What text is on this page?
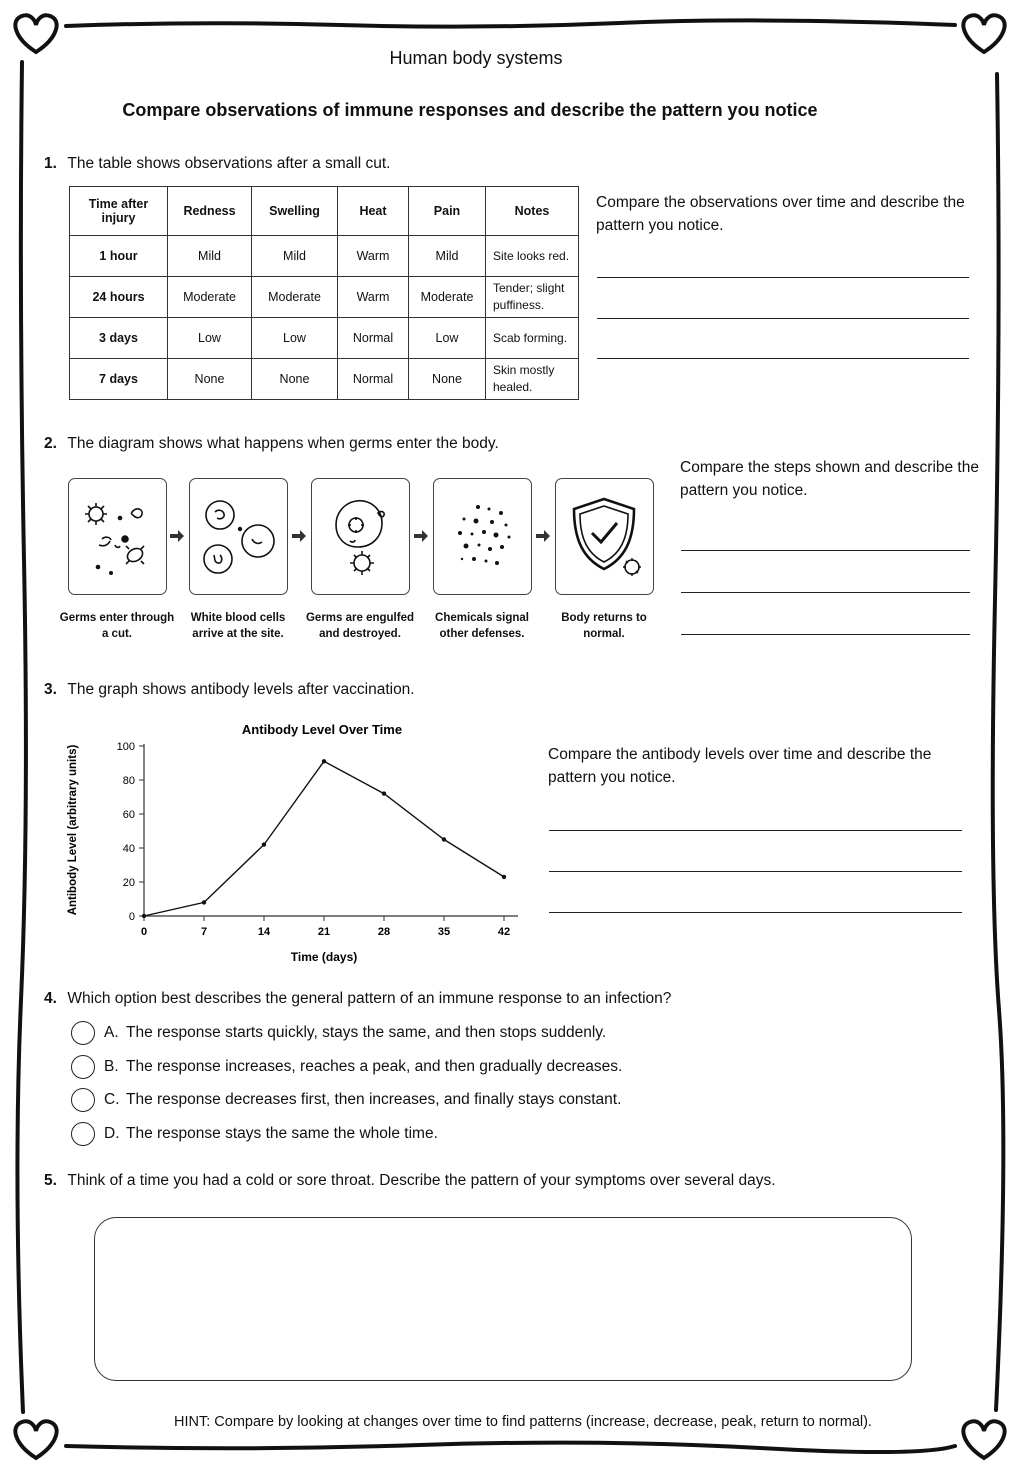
Human body systems
Compare observations of immune responses and describe the pattern you notice
1. The table shows observations after a small cut.
Time after injury	Redness	Swelling	Heat	Pain	Notes
1 hour	Mild	Mild	Warm	Mild	Site looks red.
24 hours	Moderate	Moderate	Warm	Moderate	Tender; slight puffiness.
3 days	Low	Low	Normal	Low	Scab forming.
7 days	None	None	Normal	None	Skin mostly healed.
Compare the observations over time and describe the pattern you notice.
2. The diagram shows what happens when germs enter the body.
Germs enter through a cut.
White blood cells arrive at the site.
Germs are engulfed and destroyed.
Chemicals signal other defenses.
Body returns to normal.
Compare the steps shown and describe the pattern you notice.
3. The graph shows antibody levels after vaccination.
Antibody Level Over Time
Antibody Level (arbitrary units)
Time (days)
0
20
40
60
80
100
0	7	14	21	28	35	42
Compare the antibody levels over time and describe the pattern you notice.
4. Which option best describes the general pattern of an immune response to an infection?
A. The response starts quickly, stays the same, and then stops suddenly.
B. The response increases, reaches a peak, and then gradually decreases.
C. The response decreases first, then increases, and finally stays constant.
D. The response stays the same the whole time.
5. Think of a time you had a cold or sore throat. Describe the pattern of your symptoms over several days.
HINT: Compare by looking at changes over time to find patterns (increase, decrease, peak, return to normal).
